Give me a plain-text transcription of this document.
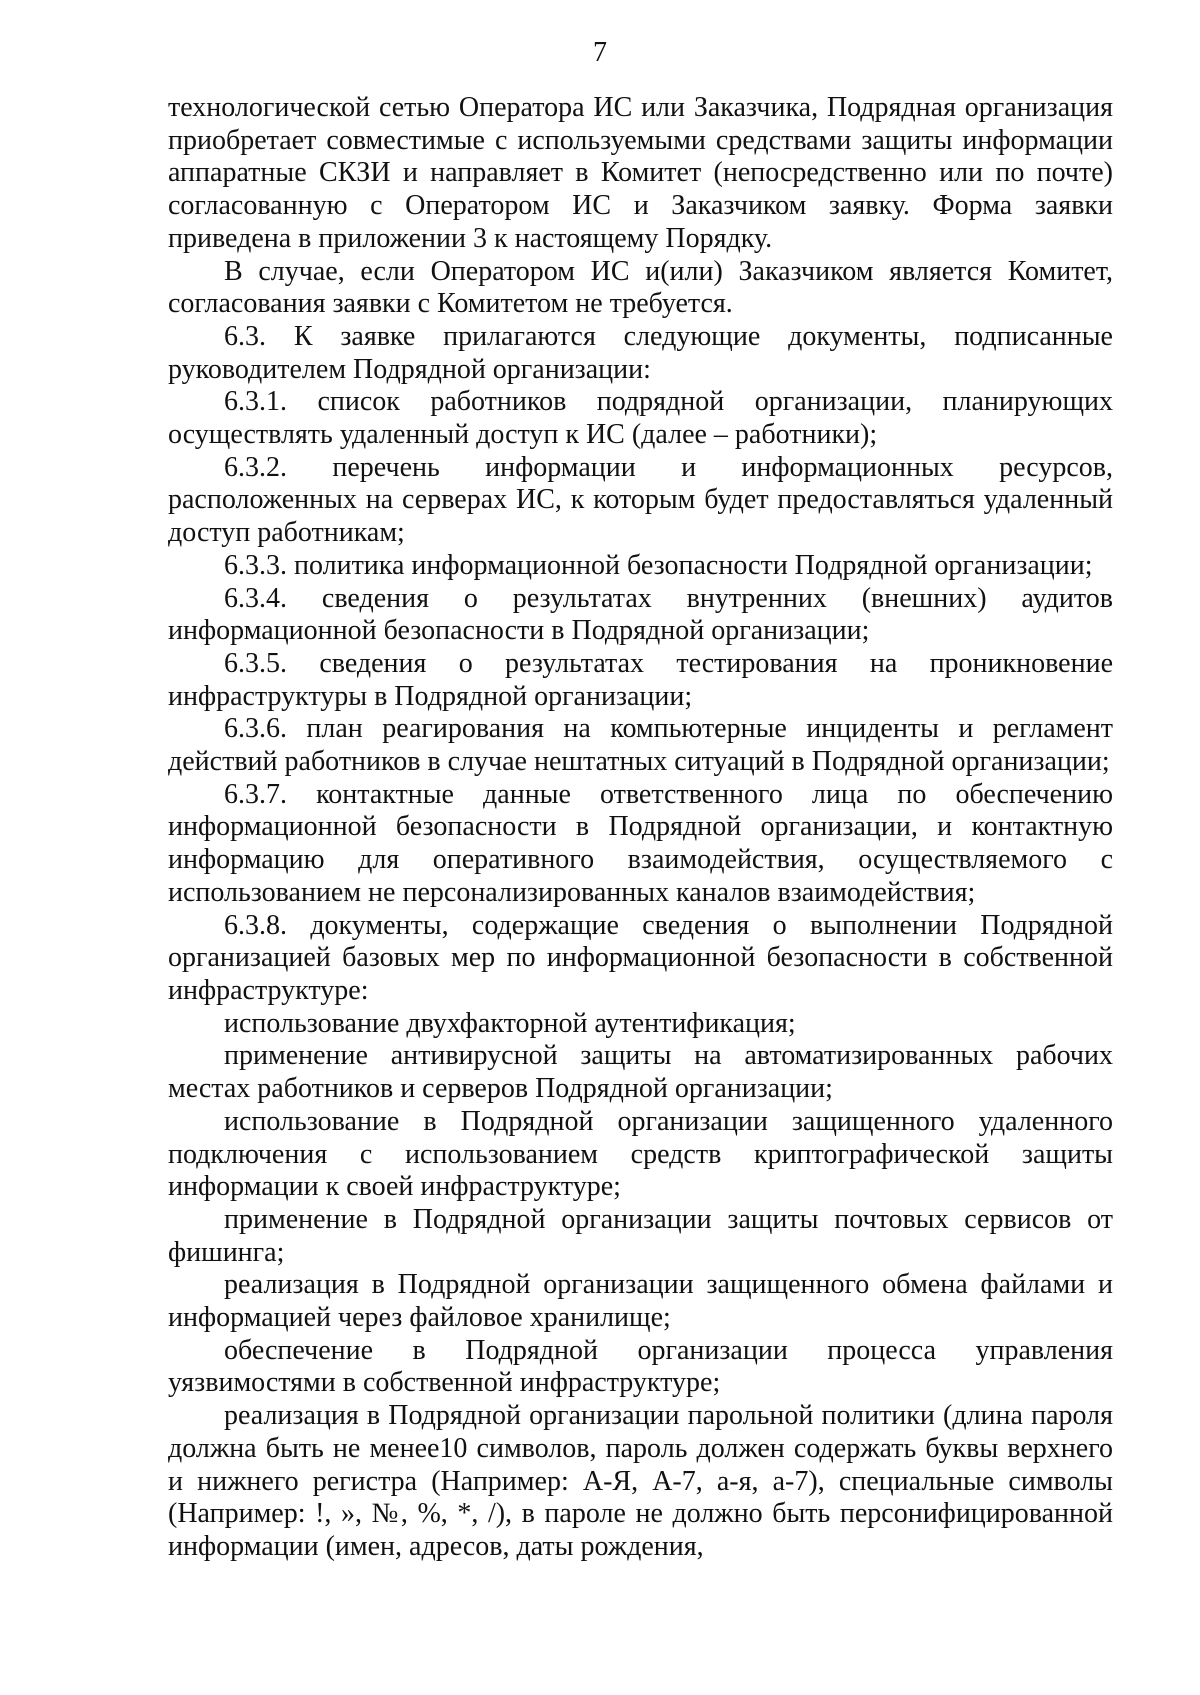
7

технологической сетью Оператора ИС или Заказчика, Подрядная организация приобретает совместимые с используемыми средствами защиты информации аппаратные СКЗИ и направляет в Комитет (непосредственно или по почте) согласованную с Оператором ИС и Заказчиком заявку. Форма заявки приведена в приложении 3 к настоящему Порядку.

В случае, если Оператором ИС и(или) Заказчиком является Комитет, согласования заявки с Комитетом не требуется.

6.3. К заявке прилагаются следующие документы, подписанные руководителем Подрядной организации:

6.3.1. список работников подрядной организации, планирующих осуществлять удаленный доступ к ИС (далее – работники);

6.3.2. перечень информации и информационных ресурсов, расположенных на серверах ИС, к которым будет предоставляться удаленный доступ работникам;

6.3.3. политика информационной безопасности Подрядной организации;

6.3.4. сведения о результатах внутренних (внешних) аудитов информационной безопасности в Подрядной организации;

6.3.5. сведения о результатах тестирования на проникновение инфраструктуры в Подрядной организации;

6.3.6. план реагирования на компьютерные инциденты и регламент действий работников в случае нештатных ситуаций в Подрядной организации;

6.3.7. контактные данные ответственного лица по обеспечению информационной безопасности в Подрядной организации, и контактную информацию для оперативного взаимодействия, осуществляемого с использованием не персонализированных каналов взаимодействия;

6.3.8. документы, содержащие сведения о выполнении Подрядной организацией базовых мер по информационной безопасности в собственной инфраструктуре:

использование двухфакторной аутентификация;

применение антивирусной защиты на автоматизированных рабочих местах работников и серверов Подрядной организации;

использование в Подрядной организации защищенного удаленного подключения с использованием средств криптографической защиты информации к своей инфраструктуре;

применение в Подрядной организации защиты почтовых сервисов от фишинга;

реализация в Подрядной организации защищенного обмена файлами и информацией через файловое хранилище;

обеспечение в Подрядной организации процесса управления уязвимостями в собственной инфраструктуре;

реализация в Подрядной организации парольной политики (длина пароля должна быть не менее10 символов, пароль должен содержать буквы верхнего и нижнего регистра (Например: А-Я, А-7, а-я, а-7), специальные символы (Например: !, », №, %, *, /), в пароле не должно быть персонифицированной информации (имен, адресов, даты рождения,
